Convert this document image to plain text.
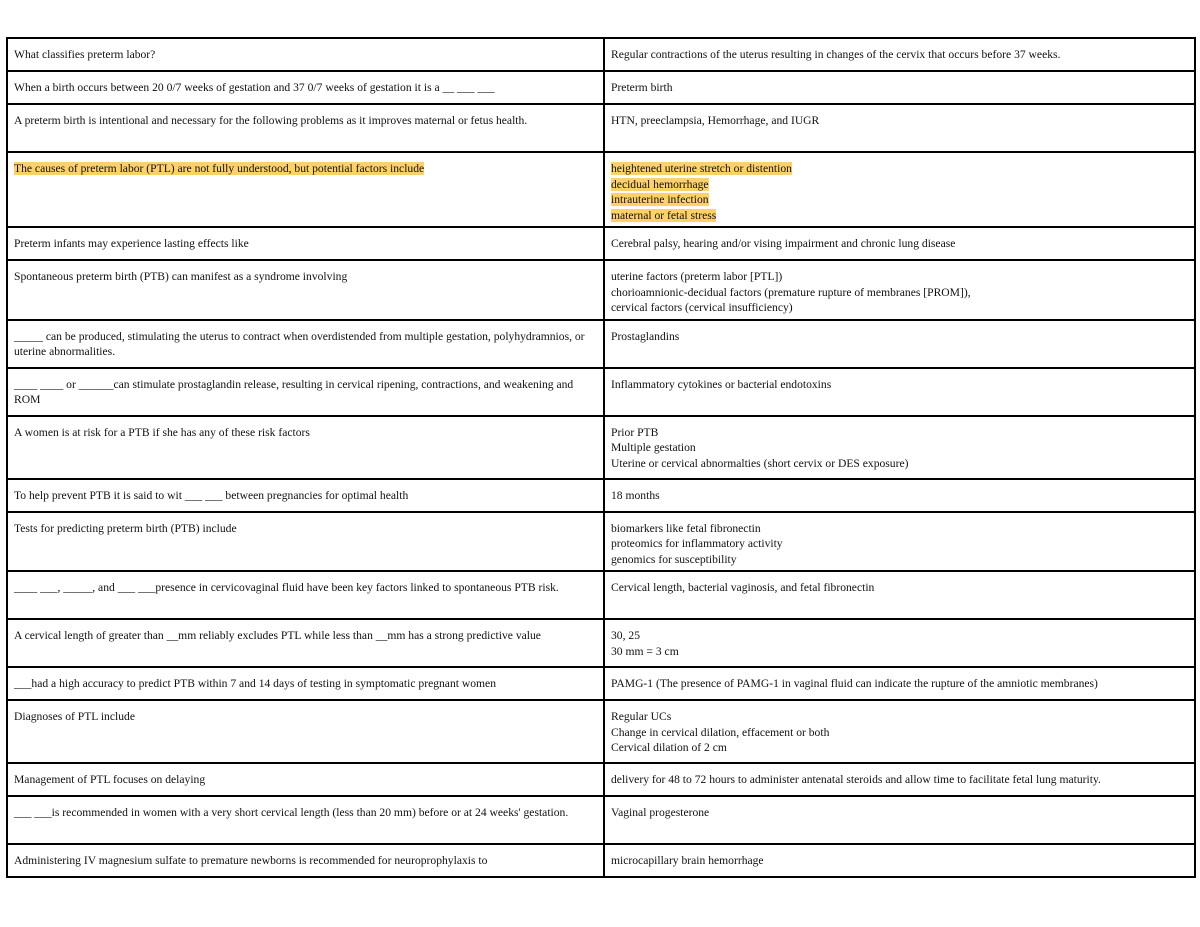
What classifies preterm labor?	Regular contractions of the uterus resulting in changes of the cervix that occurs before 37 weeks.

When a birth occurs between 20 0/7 weeks of gestation and 37 0/7 weeks of gestation it is a __ ___ ___	Preterm birth

A preterm birth is intentional and necessary for the following problems as it improves maternal or fetus health.	HTN, preeclampsia, Hemorrhage, and IUGR

The causes of preterm labor (PTL) are not fully understood, but potential factors include	heightened uterine stretch or distention
decidual hemorrhage
intrauterine infection
maternal or fetal stress

Preterm infants may experience lasting effects like	Cerebral palsy, hearing and/or vising impairment and chronic lung disease

Spontaneous preterm birth (PTB) can manifest as a syndrome involving	uterine factors (preterm labor [PTL])
chorioamnionic-decidual factors (premature rupture of membranes [PROM]),
cervical factors (cervical insufficiency)

_____ can be produced, stimulating the uterus to contract when overdistended from multiple gestation, polyhydramnios, or uterine abnormalities.	Prostaglandins

____ ____ or ______can stimulate prostaglandin release, resulting in cervical ripening, contractions, and weakening and ROM	Inflammatory cytokines or bacterial endotoxins

A women is at risk for a PTB if she has any of these risk factors	Prior PTB
Multiple gestation
Uterine or cervical abnormalties (short cervix or DES exposure)

To help prevent PTB it is said to wit ___ ___ between pregnancies for optimal health	18 months

Tests for predicting preterm birth (PTB) include	biomarkers like fetal fibronectin
proteomics for inflammatory activity
genomics for susceptibility

____ ___, _____, and ___ ___presence in cervicovaginal fluid have been key factors linked to spontaneous PTB risk.	Cervical length, bacterial vaginosis, and fetal fibronectin

A cervical length of greater than __mm reliably excludes PTL while less than __mm has a strong predictive value	30, 25
30 mm = 3 cm

___had a high accuracy to predict PTB within 7 and 14 days of testing in symptomatic pregnant women	PAMG-1 (The presence of PAMG-1 in vaginal fluid can indicate the rupture of the amniotic membranes)

Diagnoses of PTL include	Regular UCs
Change in cervical dilation, effacement or both
Cervical dilation of 2 cm

Management of PTL focuses on delaying	delivery for 48 to 72 hours to administer antenatal steroids and allow time to facilitate fetal lung maturity.

___ ___is recommended in women with a very short cervical length (less than 20 mm) before or at 24 weeks' gestation.	Vaginal progesterone

Administering IV magnesium sulfate to premature newborns is recommended for neuroprophylaxis to	microcapillary brain hemorrhage
